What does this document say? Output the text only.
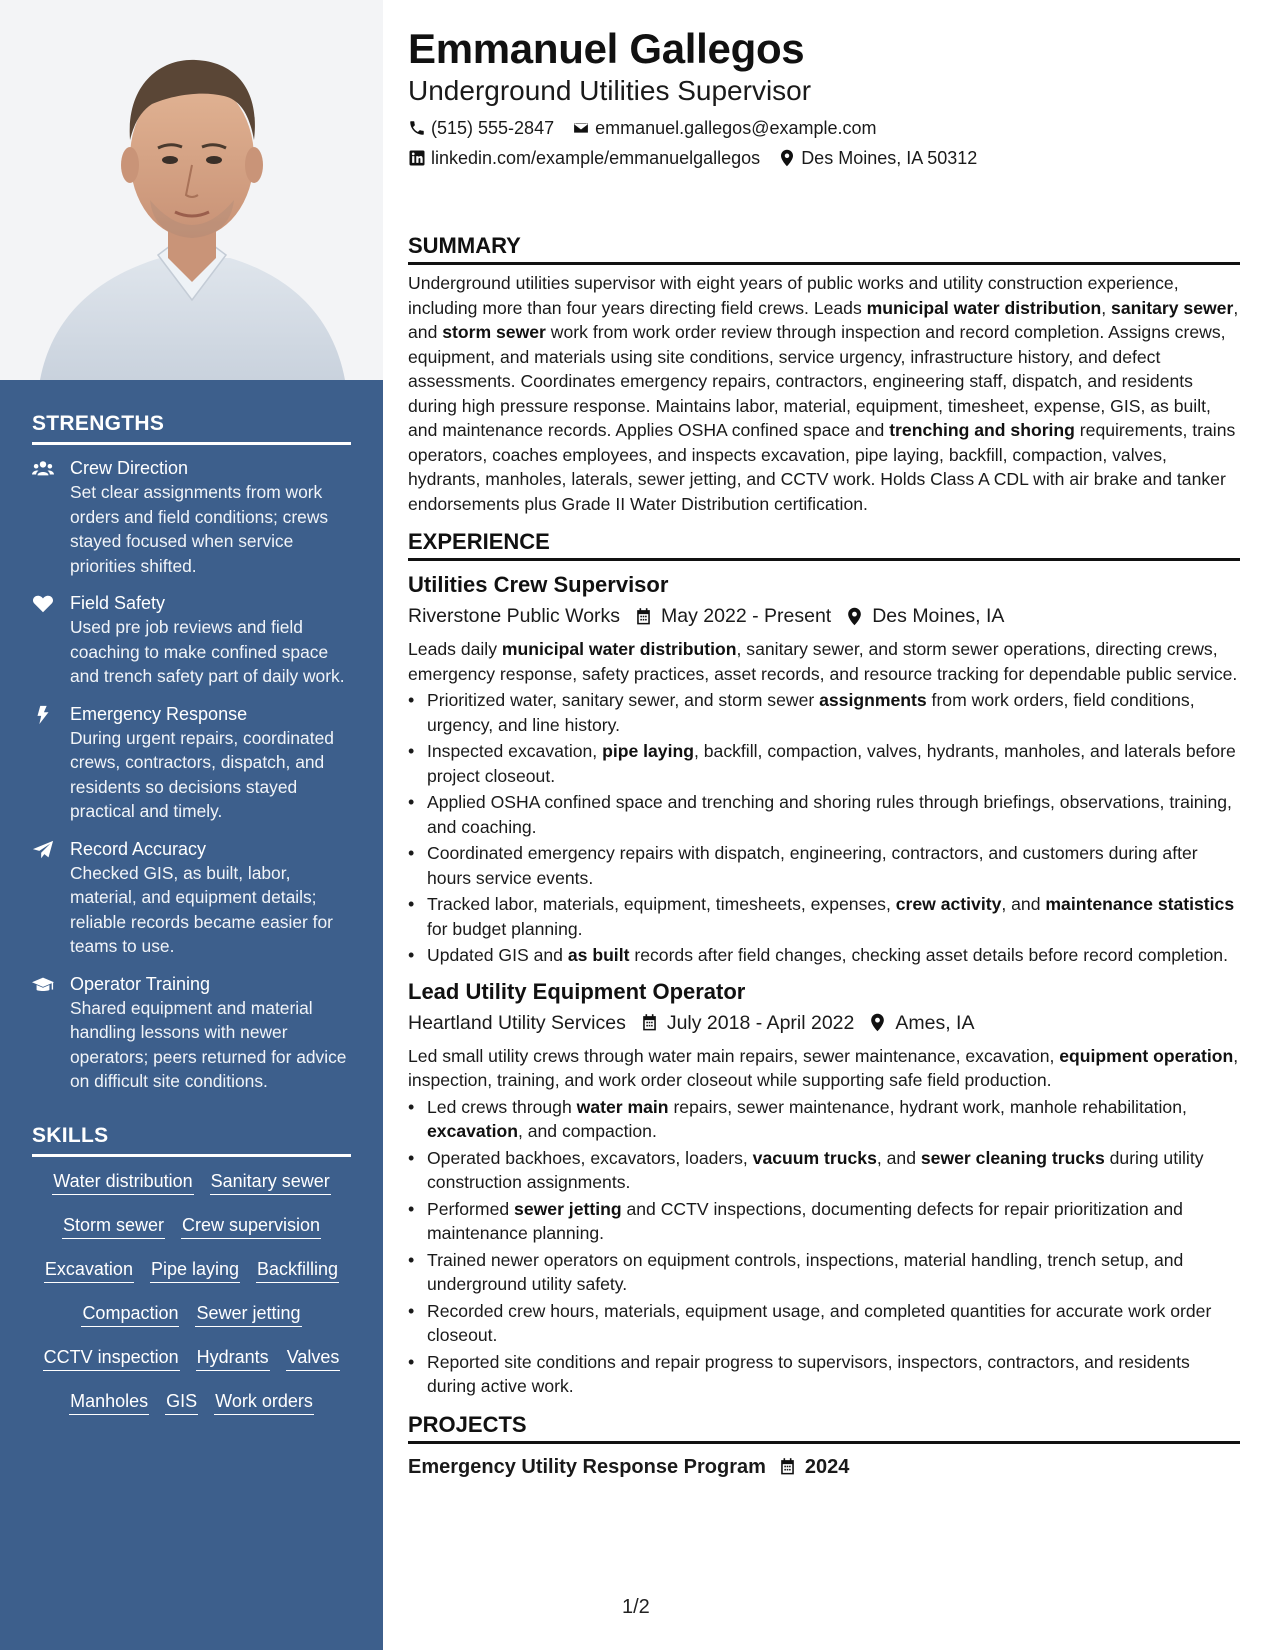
STRENGTHS
Crew Direction
Set clear assignments from work orders and field conditions; crews stayed focused when service priorities shifted.
Field Safety
Used pre job reviews and field coaching to make confined space and trench safety part of daily work.
Emergency Response
During urgent repairs, coordinated crews, contractors, dispatch, and residents so decisions stayed practical and timely.
Record Accuracy
Checked GIS, as built, labor, material, and equipment details; reliable records became easier for teams to use.
Operator Training
Shared equipment and material handling lessons with newer operators; peers returned for advice on difficult site conditions.
SKILLS
Water distribution Sanitary sewer
Storm sewer Crew supervision
Excavation Pipe laying Backfilling
Compaction Sewer jetting
CCTV inspection Hydrants Valves
Manholes GIS Work orders
Emmanuel Gallegos
Underground Utilities Supervisor
(515) 555-2847 emmanuel.gallegos@example.com
linkedin.com/example/emmanuelgallegos Des Moines, IA 50312
SUMMARY
Underground utilities supervisor with eight years of public works and utility construction experience, including more than four years directing field crews. Leads municipal water distribution, sanitary sewer, and storm sewer work from work order review through inspection and record completion. Assigns crews, equipment, and materials using site conditions, service urgency, infrastructure history, and defect assessments. Coordinates emergency repairs, contractors, engineering staff, dispatch, and residents during high pressure response. Maintains labor, material, equipment, timesheet, expense, GIS, as built, and maintenance records. Applies OSHA confined space and trenching and shoring requirements, trains operators, coaches employees, and inspects excavation, pipe laying, backfill, compaction, valves, hydrants, manholes, laterals, sewer jetting, and CCTV work. Holds Class A CDL with air brake and tanker endorsements plus Grade II Water Distribution certification.
EXPERIENCE
Utilities Crew Supervisor
Riverstone Public Works May 2022 - Present Des Moines, IA
Leads daily municipal water distribution, sanitary sewer, and storm sewer operations, directing crews, emergency response, safety practices, asset records, and resource tracking for dependable public service.
• Prioritized water, sanitary sewer, and storm sewer assignments from work orders, field conditions, urgency, and line history.
• Inspected excavation, pipe laying, backfill, compaction, valves, hydrants, manholes, and laterals before project closeout.
• Applied OSHA confined space and trenching and shoring rules through briefings, observations, training, and coaching.
• Coordinated emergency repairs with dispatch, engineering, contractors, and customers during after hours service events.
• Tracked labor, materials, equipment, timesheets, expenses, crew activity, and maintenance statistics for budget planning.
• Updated GIS and as built records after field changes, checking asset details before record completion.
Lead Utility Equipment Operator
Heartland Utility Services July 2018 - April 2022 Ames, IA
Led small utility crews through water main repairs, sewer maintenance, excavation, equipment operation, inspection, training, and work order closeout while supporting safe field production.
• Led crews through water main repairs, sewer maintenance, hydrant work, manhole rehabilitation, excavation, and compaction.
• Operated backhoes, excavators, loaders, vacuum trucks, and sewer cleaning trucks during utility construction assignments.
• Performed sewer jetting and CCTV inspections, documenting defects for repair prioritization and maintenance planning.
• Trained newer operators on equipment controls, inspections, material handling, trench setup, and underground utility safety.
• Recorded crew hours, materials, equipment usage, and completed quantities for accurate work order closeout.
• Reported site conditions and repair progress to supervisors, inspectors, contractors, and residents during active work.
PROJECTS
Emergency Utility Response Program 2024
1/2
